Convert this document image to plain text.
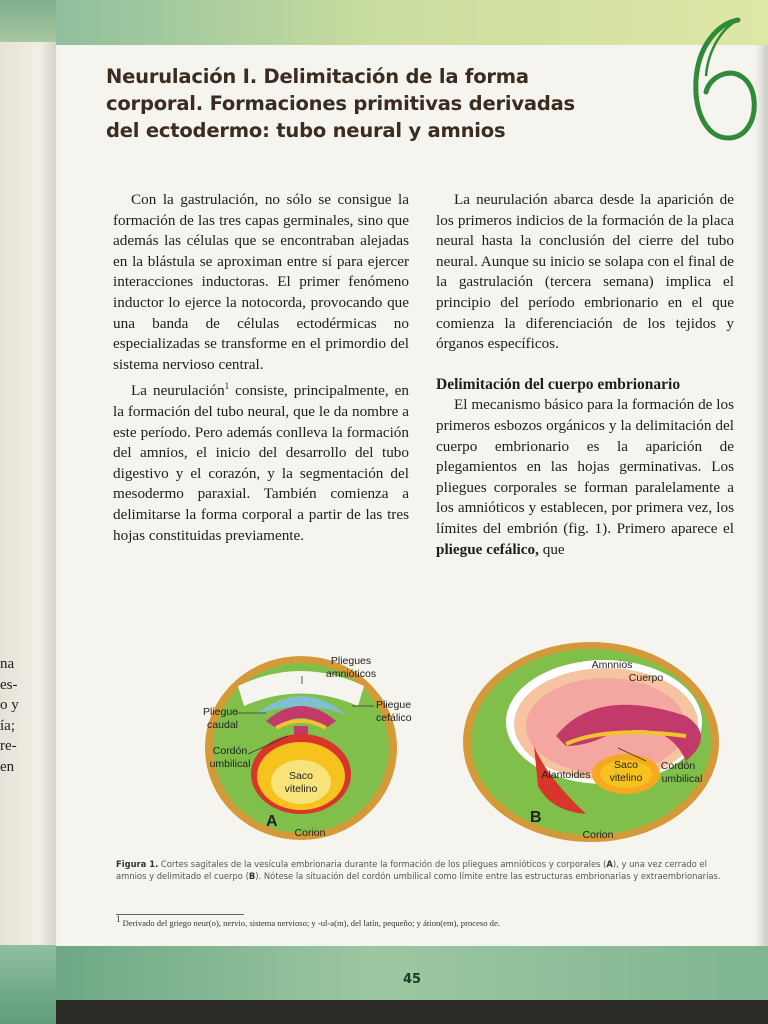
na
es-
o y
ía;
re-
en
6
Neurulación I. Delimitación de la forma
corporal. Formaciones primitivas derivadas
del ectodermo: tubo neural y amnios

Con la gastrulación, no sólo se consigue la formación de las tres capas germinales, sino que además las células que se encontraban alejadas en la blástula se aproximan entre sí para ejercer interacciones inductoras. El primer fenómeno inductor lo ejerce la notocorda, provocando que una banda de células ectodérmicas no especializadas se transforme en el primordio del sistema nervioso central.

La neurulación$^1$ consiste, principalmente, en la formación del tubo neural, que le da nombre a este período. Pero además conlleva la formación del amnios, el inicio del desarrollo del tubo digestivo y el corazón, y la segmentación del mesodermo paraxial. También comienza a delimitarse la forma corporal a partir de las tres hojas constituidas previamente.

La neurulación abarca desde la aparición de los primeros indicios de la formación de la placa neural hasta la conclusión del cierre del tubo neural. Aunque su inicio se solapa con el final de la gastrulación (tercera semana) implica el principio del período embrionario en el que comienza la diferenciación de los tejidos y órganos específicos.

Delimitación del cuerpo embrionario

El mecanismo básico para la formación de los primeros esbozos orgánicos y la delimitación del cuerpo embrionario es la aparición de plegamientos en las hojas germinativas. Los pliegues corporales se forman paralelamente a los amnióticos y establecen, por primera vez, los límites del embrión (fig. 1). Primero aparece el pliegue cefálico, que

Pliegues
amnióticos
Pliegue
caudal
Pliegue
cefálico
Cordón
umbilical
Saco
vitelino
Corion
A
Amnnios
Cuerpo
Alantoides
Saco
vitelino
Cordón
umbilical
Corion
B
Figura 1. Cortes sagitales de la vesícula embrionaria durante la formación de los pliegues amnióticos y corporales (A), y una vez cerrado el amnios y delimitado el cuerpo (B). Nótese la situación del cordón umbilical como límite entre las estructuras embrionarias y extraembrionarias.
$^1$ Derivado del griego neur(o), nervio, sistema nervioso; y -ul-a(m), del latín, pequeño; y átion(em), proceso de.
45
